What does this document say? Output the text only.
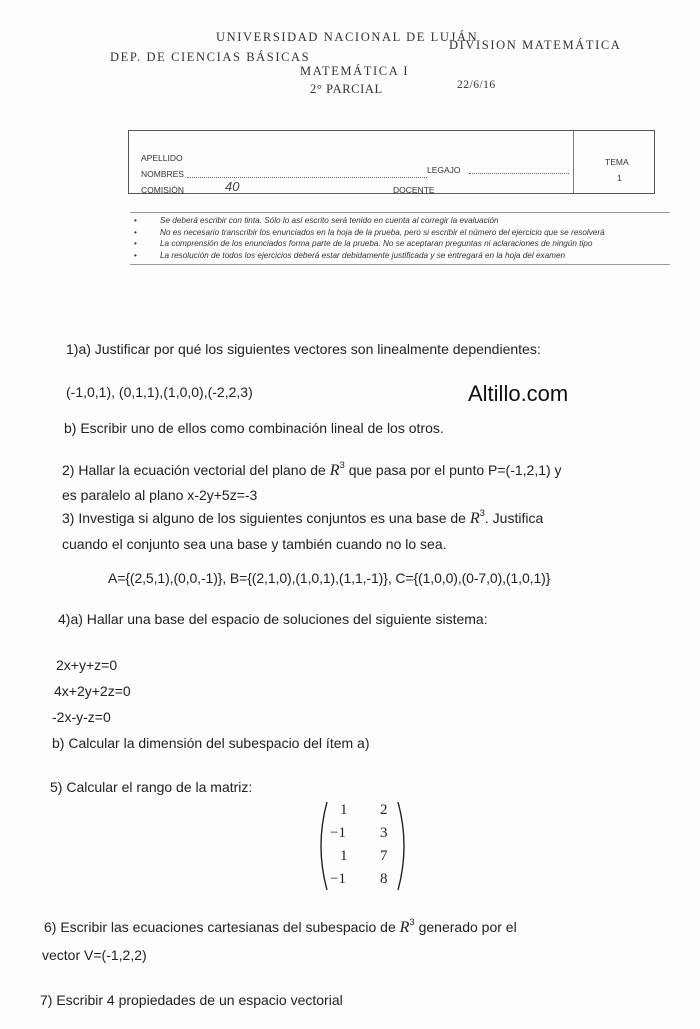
UNIVERSIDAD NACIONAL DE LUJÁN
DEP. DE CIENCIAS BÁSICAS
DIVISION MATEMÁTICA
MATEMÁTICA I
2° PARCIAL	22/6/16
APELLIDO
NOMBRES	LEGAJO
COMISIÓN	40	DOCENTE
TEMA
1
•	Se deberá escribir con tinta. Sólo lo así escrito será tenido en cuenta al corregir la evaluación
•	No es necesario transcribir los enunciados en la hoja de la prueba, pero si escribir el número del ejercicio que se resolverá
•	La comprensión de los enunciados forma parte de la prueba. No se aceptaran preguntas ni aclaraciones de ningún tipo
•	La resolución de todos los ejercicios deberá estar debidamente justificada y se entregará en la hoja del examen
Altillo.com
1)a) Justificar por qué los siguientes vectores son linealmente dependientes:
(-1,0,1), (0,1,1),(1,0,0),(-2,2,3)
b) Escribir uno de ellos como combinación lineal de los otros.
2) Hallar la ecuación vectorial del plano de $R^3$ que pasa por el punto P=(-1,2,1) y
es paralelo al plano x-2y+5z=-3
3) Investiga si alguno de los siguientes conjuntos es una base de $R^3$. Justifica
cuando el conjunto sea una base y también cuando no lo sea.
A={(2,5,1),(0,0,-1)}, B={(2,1,0),(1,0,1),(1,1,-1)}, C={(1,0,0),(0-7,0),(1,0,1)}
4)a) Hallar una base del espacio de soluciones del siguiente sistema:
2x+y+z=0
4x+2y+2z=0
-2x-y-z=0
b) Calcular la dimensión del subespacio del ítem a)
5) Calcular el rango de la matriz:
1 2
−1 3
1 7
−1 8
6) Escribir las ecuaciones cartesianas del subespacio de $R^3$ generado por el
vector V=(-1,2,2)
7) Escribir 4 propiedades de un espacio vectorial
